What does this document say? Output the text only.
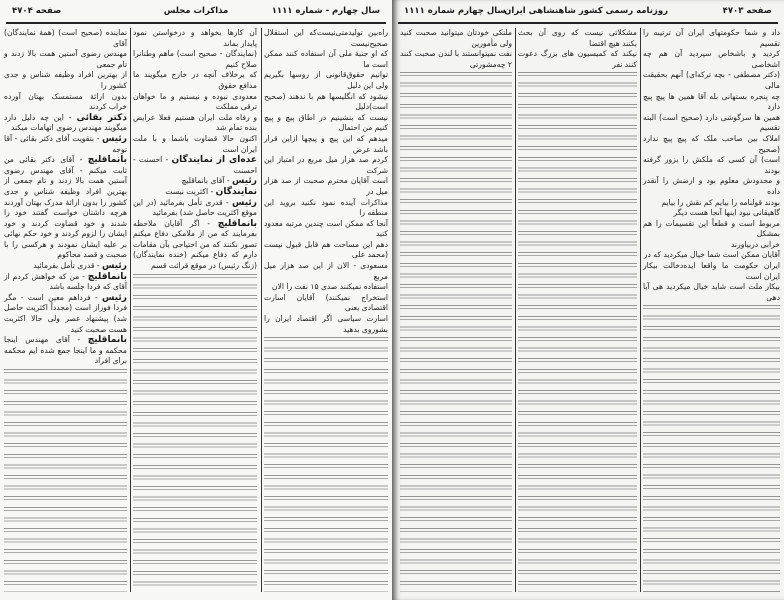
سال چهارم - شماره ۱۱۱۱
مذاکرات مجلس
صفحه ۴۷۰۴

راه‌بین تولیدمتی‌نیست‌که این استقلال صحیح‌نیست

که او جنبهٔ ملی آن استفاده کنند ممکن است ما

توانیم حقوق‌قانونی از روسها بگیریم ولی این دلیل

نیشود که انگلیسها هم با ندهند (صحیح است)دلیل

نیست که بنشینیم در اطاق پیچ و پیچ کنیم من احتمال

میدهم که این پیچ و پیچها ازاین قرار باشد عرض

کردم صد هزار میل مربع در امتیاز این شرکت

است آقایان محترم صحبت از صد هزار میل در

مذاکرات آینده نمود نکنید بروید این منطقه را

آنجا که ممکن است چندین مرتبه معدود کنید

دهم این مساحت هم قابل قبول نیست (محمد علی

مسعودی - الان از این صد هزار میل مربع

استفاده نمیکنند صدی ۱۵ نفت را الان

استخراج نمیکنند) آقایان اسارت اقتصادی یعنی

اسارت سیاسی اگر اقتصاد ایران را بشوروی بدهید

آن کارها بخواهد و درخواستن نمود پایدار بماند

(نمایندگان - صحیح است) ماهم وطنانرا صلاح کنیم

که برخلاف آنچه در خارج میگویند ما مدافع حقوق

معدودی نبوده و نیستیم و ما خواهان ترقی مملکت

و رفاه ملت ایران هستیم فعلا عرایض بنده تمام شد

اکنون حالا قضاوت باشما و با ملت ایران است

عده‌ای از نمایندگان - احسنت - احسنت

رئیس - آقای بانماقلیچ

نمایندگان - اکثریت نیست

رئیس - قدری تأمل بفرمائید (در این موقع اکثریت حاصل شد) بفرمائید

بانماقلیچ - اگر آقایان ملاحظه بفرمایند که من از ملامکی دفاع میکنم تصور نکنند که من احتیاجی بآن مقامات دارم که دفاع میکنم (خنده نمایندگان) (زنگ رئیس) در موقع قرائت قسم

نماینده (صحیح است) (همهٔ نمایندگان) آقای

مهندس رضوی آستین همت بالا زدند و تام جمعی

از بهترین افراد وظیفه شناس و جدی کشور را

بدون ارائهٔ مستمسک بهتان آورده خراب کردند

دکتر بقائی - این چه دلیل دارد میگویند مهندس رضوی اتهامات میکند

رئیس - بتقویت آقای دکتر بقائی - آقا توجه

بانماقلیچ - آقای دکتر بقائی من ثابت میکنم - آقای مهندس رضوی آستین همت بالا زدند و تام جمعی از بهترین افراد وظیفه شناس و جدی کشور را بدون ارائهٔ مدرک بهتان آوردند هرچه داشتان خواست گفتند خود را شدند و خود قضاوت کردند و خود ایشان را لزوم کردند و خود حکم نهائی بر علیه ایشان نمودند و هرکسی را با صحبت و قصد محاکوم

رئیس - قدری تأمل بفرمائید

بانماقلیچ - من که خواهش کردم از آقای که فردا جلسه باشد

رئیس - فرداهم معین است - مگر فردا فوراز است (مجدداً اکثریت حاصل شد) پیشنهاد عصر ولی حالا اکثریت هست صحبت کنید

بانماقلیچ - آقای مهندس اینجا محکمه و ما اینجا جمع شده ایم محکمه برای افراد

سال چهارم شماره ۱۱۱۱
روزنامه رسمی کشور شاهنشاهی ایران	صفحه ۴۷۰۳

داد و شما حکومتهای ایران آن ترتیبه را تقسیم

کردید و باشخاص سپردید آن هم چه اشخاصی

(دکتر مصطفی - بچه ترکه‌ای) آنهم بحقیقت مالی

چه پنجره بستهانی بله آقا همین ها پیچ پیچ دارد

همین ها سرگوشی دارد (صحیح است) البته تقسیم

املاک بین صاحب ملک که پیچ پیچ ندارد (صحیح

است) آن کسی که ملکش را بزور گرفته بودند

و محدودش معلوم بود و ارضش را آنقدر داده

بودند قولنامه را بیایم کم نقش را بیایم

گاهیقانی نبود اینها آنجا هست دیگر

مربوط است و قطعاً این تقسیمات را هم بمشکل

خرابی دربیاورند

آقایان ممکن است شما خیال میکردید که در

ایران حکومت ما واقعا ایده‌دخالت بیکار ایران است

بیکار ملت است شاید خیال میکردید هی آیا دهی

مشکلاتی نیست که روی آن بحث بکنند هیچ اقتضا

نیکند که کمیسیون های بزرگ دعوت کنند نفر

ملتکی خودتان میتوانید صحبت کنید ولی مأمورین

نفت نمیتوانستند با لندن صحبت کنند ۲ چه‌مشورتی
